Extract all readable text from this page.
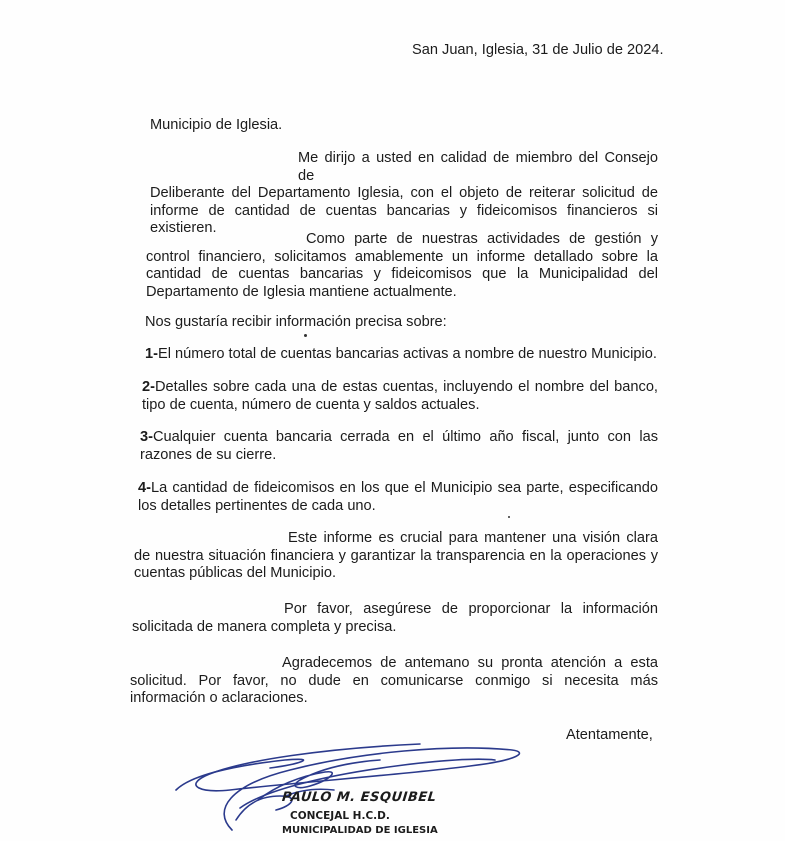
San Juan, Iglesia, 31 de Julio de 2024.
Municipio de Iglesia.
Me dirijo a usted en calidad de miembro del Consejo de
Deliberante del Departamento Iglesia, con el objeto de reiterar solicitud de
informe de cantidad de cuentas bancarias y fideicomisos financieros si
existieren.
Como parte de nuestras actividades de gestión y
control financiero, solicitamos amablemente un informe detallado sobre la
cantidad de cuentas bancarias y fideicomisos que la Municipalidad del
Departamento de Iglesia mantiene actualmente.
Nos gustaría recibir información precisa sobre:
1-El número total de cuentas bancarias activas a nombre de nuestro Municipio.
2-Detalles sobre cada una de estas cuentas, incluyendo el nombre del banco,
tipo de cuenta, número de cuenta y saldos actuales.
3-Cualquier cuenta bancaria cerrada en el último año fiscal, junto con las
razones de su cierre.
4-La cantidad de fideicomisos en los que el Municipio sea parte, especificando
los detalles pertinentes de cada uno.
Este informe es crucial para mantener una visión clara
de nuestra situación financiera y garantizar la transparencia en la operaciones y
cuentas públicas del Municipio.
Por favor, asegúrese de proporcionar la información
solicitada de manera completa y precisa.
Agradecemos de antemano su pronta atención a esta
solicitud. Por favor, no dude en comunicarse conmigo si necesita más
información o aclaraciones.
Atentamente,
PAULO M. ESQUIBEL
CONCEJAL H.C.D.
MUNICIPALIDAD DE IGLESIA
